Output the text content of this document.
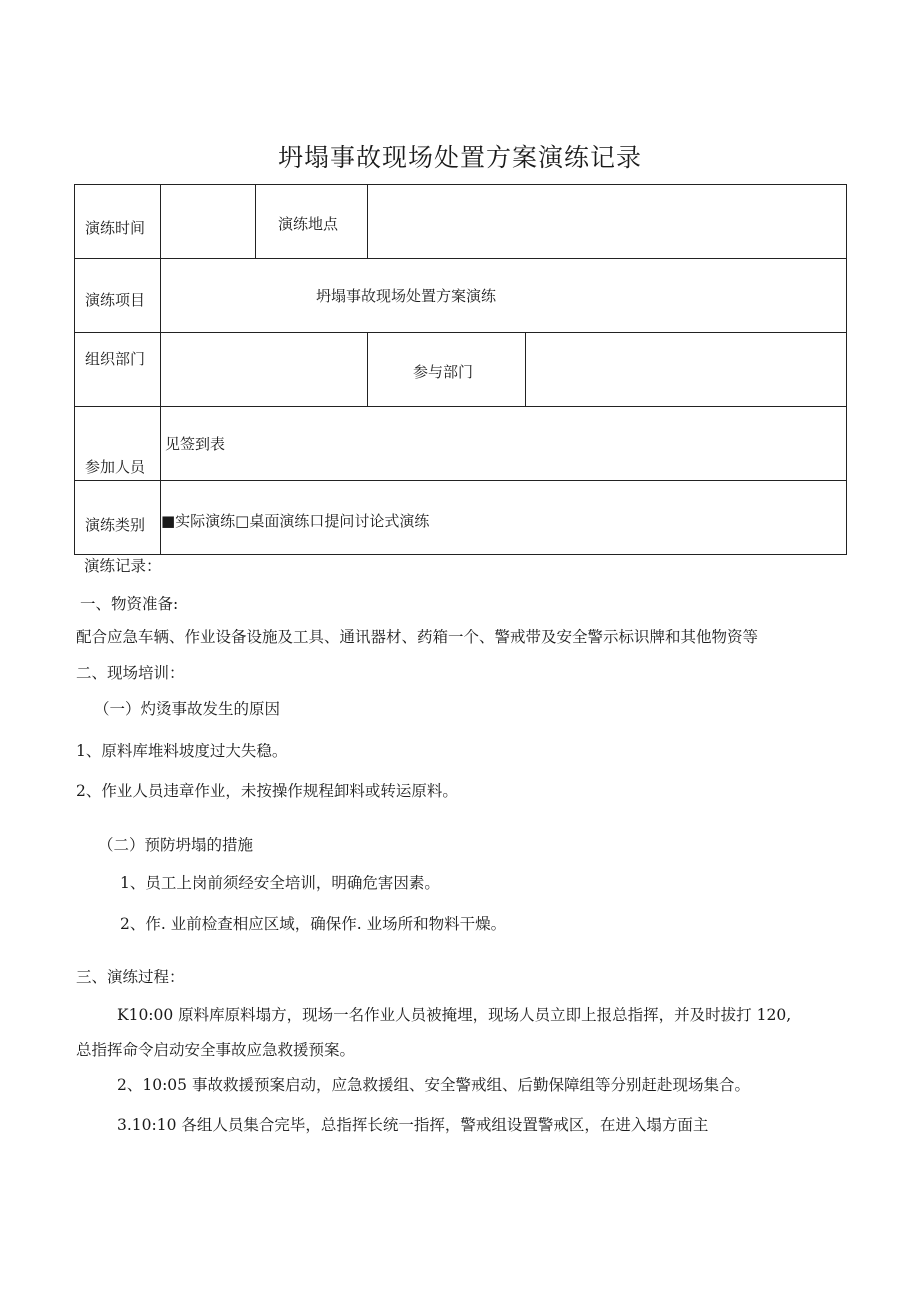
坍塌事故现场处置方案演练记录
演练时间		演练地点		

演练项目	坍塌事故现场处置方案演练			

组织部门			参与部门	

参加人员	见签到表			

演练类别	■实际演练□桌面演练口提问讨论式演练			
演练记录：
一、物资准备:
配合应急车辆、作业设备设施及工具、通讯器材、药箱一个、警戒带及安全警示标识牌和其他物资等
二、现场培训：
（一）灼烫事故发生的原因
1、原料库堆料坡度过大失稳。
2、作业人员违章作业，未按操作规程卸料或转运原料。
（二）预防坍塌的措施
1、员工上岗前须经安全培训，明确危害因素。
2、作. 业前检查相应区域，确保作. 业场所和物料干燥。
三、演练过程：
K10:00 原料库原料塌方，现场一名作业人员被掩埋，现场人员立即上报总指挥，并及时拔打 120,
总指挥命令启动安全事故应急救援预案。
2、10:05 事故救援预案启动，应急救援组、安全警戒组、后勤保障组等分别赶赴现场集合。
3.10:10 各组人员集合完毕，总指挥长统一指挥，警戒组设置警戒区，在进入塌方面主
